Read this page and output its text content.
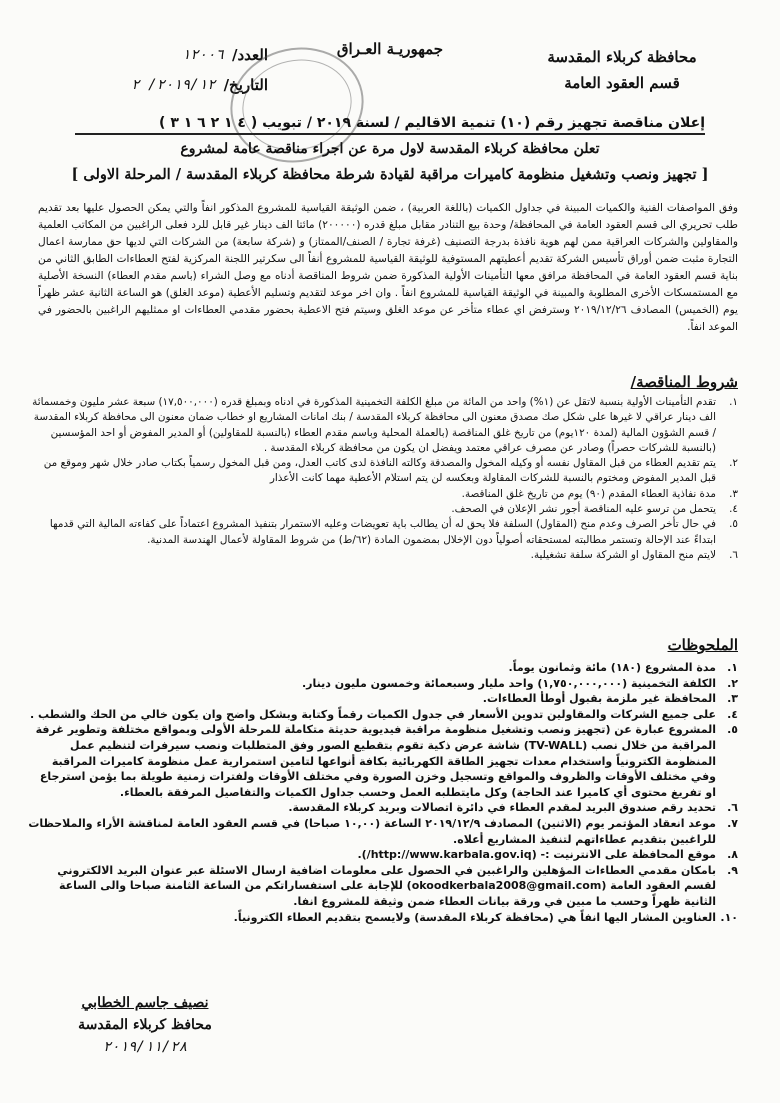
محافظة كربلاء المقدسة
قسم العقود العامة
جمهوريـة العـراق
العدد/
١٢٠٠٦
التاريخ/
٢٠١٩/١٢/ ٢
إعلان مناقصة تجهيز رقم (١٠) تنمية الاقاليم / لسنة ٢٠١٩ / تبويب ( ٤ ١ ٢ ٦ ١ ٣ )
تعلن محافظة كربلاء المقدسة لاول مرة عن اجراء مناقصة عامة لمشروع
[ تجهيز ونصب وتشغيل منظومة كاميرات مراقبة لقيادة شرطة محافظة كربلاء المقدسة / المرحلة الاولى ]
وفق المواصفات الفنية والكميات المبينة في جداول الكميات (باللغة العربية) ، ضمن الوثيقة القياسية للمشروع المذكور انفاً والتي يمكن الحصول عليها بعد تقديم طلب تحريري الى قسم العقود العامة في المحافظة/ وحدة بيع التنادر مقابل مبلغ قدره (٢٠٠٠٠٠) مائتا الف دينار غير قابل للرد فعلى الراغبين من المكاتب العلمية والمقاولين والشركات العراقية ممن لهم هوية نافذة بدرجة التصنيف (غرفة تجارة / الصنف/الممتاز) و (شركة سابعة) من الشركات التي لديها حق ممارسة اعمال التجارة مثبت ضمن أوراق تأسيس الشركة تقديم أعطيتهم المستوفية للوثيقة القياسية للمشروع أنفاً الى سكرتير اللجنة المركزية لفتح العطاءات الطابق الثاني من بناية قسم العقود العامة في المحافظة مرافق معها التأمينات الأولية المذكورة ضمن شروط المناقصة أدناه مع وصل الشراء (باسم مقدم العطاء) النسخة الأصلية مع المستمسكات الأخرى المطلوبة والمبينة في الوثيقة القياسية للمشروع انفاً . وان اخر موعد لتقديم وتسليم الأعطية (موعد الغلق) هو الساعة الثانية عشر ظهراً يوم (الخميس) المصادف ٢٠١٩/١٢/٢٦ وسترفض اي عطاء متأخر عن موعد الغلق وسيتم فتح الاعطية بحضور مقدمي العطاءات او ممثليهم الراغبين بالحضور في الموعد انفاً.
شروط المناقصة/
١.
تقدم التأمينات الأولية بنسبة لاتقل عن (١%) واحد من المائة من مبلغ الكلفة التخمينية المذكورة في ادناه وبمبلغ قدره (١٧,٥٠٠,٠٠٠) سبعة عشر مليون وخمسمائة الف دينار عراقي لا غيرها على شكل صك مصدق معنون الى محافظة كربلاء المقدسة / بنك امانات المشاريع او خطاب ضمان معنون الى محافظة كربلاء المقدسة / قسم الشؤون المالية (لمدة ١٢٠يوم) من تاريخ غلق المناقصة (بالعملة المحلية وباسم مقدم العطاء (بالنسبة للمقاولين) أو المدير المفوض أو احد المؤسسين (بالنسبة للشركات حصراً) وصادر عن مصرف عراقي معتمد ويفضل ان يكون من محافظة كربلاء المقدسة .
٢.
يتم تقديم العطاء من قبل المقاول نفسه أو وكيله المخول والمصدقة وكالته النافذة لدى كاتب العدل، ومن قبل المخول رسمياً بكتاب صادر خلال شهر وموقع من قبل المدير المفوض ومختوم بالنسبة للشركات المقاولة وبعكسه لن يتم استلام الأعطية مهما كانت الأعذار
٣.
مدة نفاذية العطاء المقدم (٩٠) يوم من تاريخ غلق المناقصة.
٤.
يتحمل من ترسو عليه المناقصة أجور نشر الإعلان في الصحف.
٥.
في حال تأخر الصرف وعدم منح (المقاول) السلفة فلا يحق له أن يطالب باية تعويضات وعليه الاستمرار بتنفيذ المشروع اعتماداً على كفاءته المالية التي قدمها ابتداءً عند الإحالة وتستمر مطالبته لمستحقاته أصولياً دون الإخلال بمضمون المادة (٦٢/ط) من شروط المقاولة لأعمال الهندسة المدنية.
٦.
لايتم منح المقاول او الشركة سلفة تشغيلية.
الملحوظات
١.
مدة المشروع (١٨٠) مائة وثمانون يوماً.
٢.
الكلفة التخمينية (١,٧٥٠,٠٠٠,٠٠٠) واحد مليار وسبعمائة وخمسون مليون دينار.
٣.
المحافظة غير ملزمة بقبول أوطأ العطاءات.
٤.
على جميع الشركات والمقاولين تدوين الأسعار في جدول الكميات رقماً وكتابة وبشكل واضح وان يكون خالي من الحك والشطب .
٥.
المشروع عبارة عن (تجهيز ونصب وتشغيل منظومة مراقبة فيديوية حديثة متكاملة للمرحلة الأولى وبمواقع مختلفة وتطوير غرفة المراقبة من خلال نصب (TV-WALL) شاشة عرض ذكية تقوم بتقطيع الصور وفق المتطلبات ونصب سيرفرات لتنظيم عمل المنظومة الكترونياً واستخدام معدات تجهيز الطاقة الكهربائية بكافة أنواعها لتامين استمرارية عمل منظومة كاميرات المراقبة وفي مختلف الأوقات والظروف والمواقع وتسجيل وخزن الصورة وفي مختلف الأوقات ولفترات زمنية طويلة بما يؤمن استرجاع او تفريغ محتوى أي كاميرا عند الحاجة) وكل مايتطلبه العمل وحسب جداول الكميات والتفاصيل المرفقة بالعطاء.
٦.
تحديد رقم صندوق البريد لمقدم العطاء في دائرة اتصالات وبريد كربلاء المقدسة.
٧.
موعد انعقاد المؤتمر يوم (الاثنين) المصادف ٢٠١٩/١٢/٩ الساعة (١٠,٠٠ صباحا) في قسم العقود العامة لمناقشة الأراء والملاحظات للراغبين بتقديم عطاءاتهم لتنفيذ المشاريع أعلاه.
٨.
موقع المحافظة على الانترنيت :- (http://www.karbala.gov.iq/).
٩.
بامكان مقدمي العطاءات المؤهلين والراغبين في الحصول على معلومات اضافية ارسال الاسئلة عبر عنوان البريد الالكتروني لقسم العقود العامة (okoodkerbala2008@gmail.com) للإجابة على استفساراتكم من الساعة الثامنة صباحا والى الساعة الثانية ظهراً وحسب ما مبين في ورقة بيانات العطاء ضمن وثيقة للمشروع انفا.
١٠.
العناوين المشار اليها انفاً هي (محافظة كربلاء المقدسة) ولايسمح بتقديم العطاء الكترونياً.
نصيف جاسم الخطابي
محافظ كربلاء المقدسة
٢٠١٩/١١/٢٨
